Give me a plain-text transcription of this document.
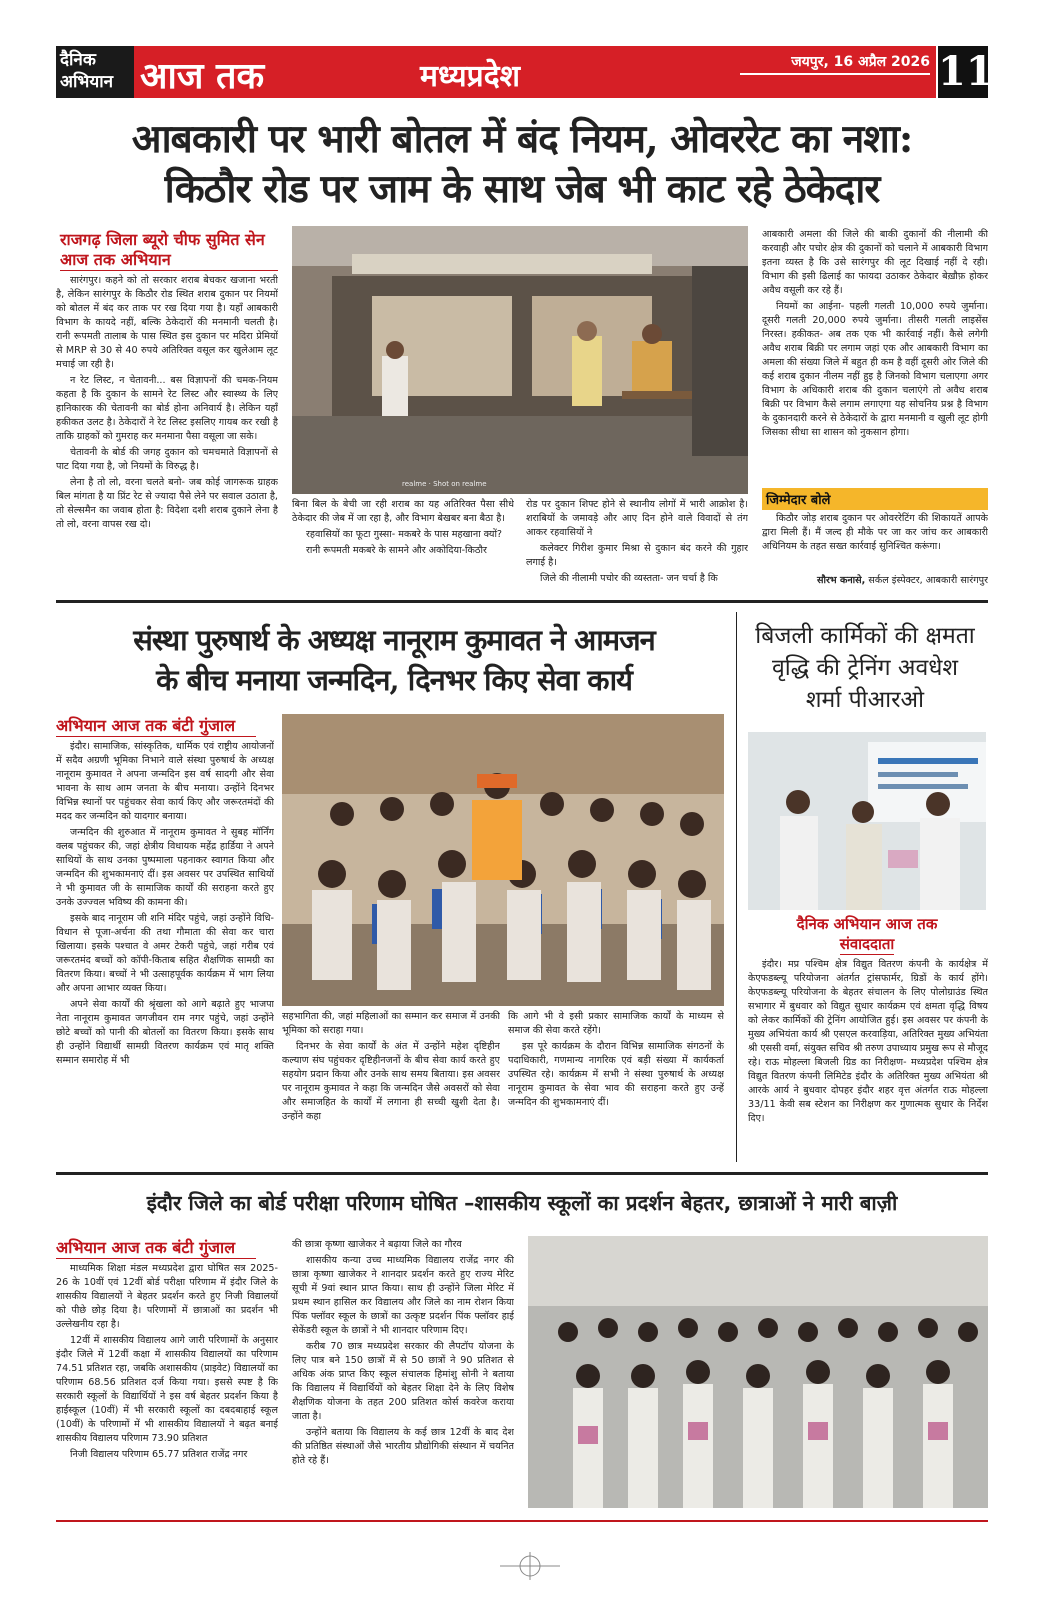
दैनिक
अभियान आज तक	मध्यप्रदेश	जयपुर, 16 अप्रैल 2026 11
आबकारी पर भारी बोतल में बंद नियम, ओवररेट का नशा:
किठौर रोड पर जाम के साथ जेब भी काट रहे ठेकेदार
राजगढ़ जिला ब्यूरो चीफ सुमित सेन आज तक अभियान

सारंगपुर। कहने को तो सरकार शराब बेचकर खजाना भरती है, लेकिन सारंगपुर के किठौर रोड स्थित शराब दुकान पर नियमों को बोतल में बंद कर ताक पर रख दिया गया है। यहाँ आबकारी विभाग के कायदे नहीं, बल्कि ठेकेदारों की मनमानी चलती है। रानी रूपमती तालाब के पास स्थित इस दुकान पर मदिरा प्रेमियों से MRP से 30 से 40 रुपये अतिरिक्त वसूल कर खुलेआम लूट मचाई जा रही है।

न रेट लिस्ट, न चेतावनी... बस विज्ञापनों की चमक-नियम कहता है कि दुकान के सामने रेट लिस्ट और स्वास्थ्य के लिए हानिकारक की चेतावनी का बोर्ड होना अनिवार्य है। लेकिन यहाँ हकीकत उलट है। ठेकेदारों ने रेट लिस्ट इसलिए गायब कर रखी है ताकि ग्राहकों को गुमराह कर मनमाना पैसा वसूला जा सके।

चेतावनी के बोर्ड की जगह दुकान को चमचमाते विज्ञापनों से पाट दिया गया है, जो नियमों के विरुद्ध है।

लेना है तो लो, वरना चलते बनो- जब कोई जागरूक ग्राहक बिल मांगता है या प्रिंट रेट से ज्यादा पैसे लेने पर सवाल उठाता है, तो सेल्समैन का जवाब होता है: विदेशा दशी शराब दुकाने लेना है तो लो, वरना वापस रख दो।

realme · Shot on realme

बिना बिल के बेची जा रही शराब का यह अतिरिक्त पैसा सीधे ठेकेदार की जेब में जा रहा है, और विभाग बेखबर बना बैठा है।

रहवासियों का फूटा गुस्सा- मकबरे के पास महखाना क्यों?

रानी रूपमती मकबरे के सामने और अकोदिया-किठौर

रोड पर दुकान शिफ्ट होने से स्थानीय लोगों में भारी आक्रोश है। शराबियों के जमावड़े और आए दिन होने वाले विवादों से तंग आकर रहवासियों ने

कलेक्टर गिरीश कुमार मिश्रा से दुकान बंद करने की गुहार लगाई है।

जिले की नीलामी पचोर की व्यस्तता- जन चर्चा है कि

आबकारी अमला की जिले की बाकी दुकानों की नीलामी की करवाही और पचोर क्षेत्र की दुकानों को चलाने में आबकारी विभाग इतना व्यस्त है कि उसे सारंगपुर की लूट दिखाई नहीं दे रही। विभाग की इसी ढिलाई का फायदा उठाकर ठेकेदार बेख़ौफ़ होकर अवैध वसूली कर रहे हैं।

नियमों का आईना- पहली गलती 10,000 रुपये जुर्माना। दूसरी गलती 20,000 रुपये जुर्माना। तीसरी गलती लाइसेंस निरस्त। हकीकत- अब तक एक भी कार्रवाई नहीं। कैसे लगेगी अवैध शराब बिक्री पर लगाम जहां एक और आबकारी विभाग का अमला की संख्या जिले में बहुत ही कम है वहीं दूसरी ओर जिले की कई शराब दुकान नीलम नहीं हुइ है जिनको विभाग चलाएगा अगर विभाग के अधिकारी शराब की दुकान चलाएंगे तो अवैध शराब बिक्री पर विभाग कैसे लगाम लगाएगा यह सोचनिय प्रश्न है विभाग के दुकानदारी करने से ठेकेदारों के द्वारा मनमानी व खुली लूट होगी जिसका सीधा सा शासन को नुकसान होगा।

जिम्मेदार बोले

किठौर जोड़ शराब दुकान पर ओवररेटिंग की शिकायतें आपके द्वारा मिली हैं। मैं जल्द ही मौके पर जा कर जांच कर आबकारी अधिनियम के तहत सख्त कार्रवाई सुनिश्चित करूंगा।

सौरभ कनासे, सर्कल इंस्पेक्टर, आबकारी सारंगपुर
संस्था पुरुषार्थ के अध्यक्ष नानूराम कुमावत ने आमजन
के बीच मनाया जन्मदिन, दिनभर किए सेवा कार्य
अभियान आज तक बंटी गुंजाल

इंदौर। सामाजिक, सांस्कृतिक, धार्मिक एवं राष्ट्रीय आयोजनों में सदैव अग्रणी भूमिका निभाने वाले संस्था पुरुषार्थ के अध्यक्ष नानूराम कुमावत ने अपना जन्मदिन इस वर्ष सादगी और सेवा भावना के साथ आम जनता के बीच मनाया। उन्होंने दिनभर विभिन्न स्थानों पर पहुंचकर सेवा कार्य किए और जरूरतमंदों की मदद कर जन्मदिन को यादगार बनाया।

जन्मदिन की शुरुआत में नानूराम कुमावत ने सुबह मॉर्निंग क्लब पहुंचकर की, जहां क्षेत्रीय विधायक महेंद्र हार्डिया ने अपने साथियों के साथ उनका पुष्पमाला पहनाकर स्वागत किया और जन्मदिन की शुभकामनाएं दीं। इस अवसर पर उपस्थित साथियों ने भी कुमावत जी के सामाजिक कार्यों की सराहना करते हुए उनके उज्ज्वल भविष्य की कामना की।

इसके बाद नानूराम जी शनि मंदिर पहुंचे, जहां उन्होंने विधि-विधान से पूजा-अर्चना की तथा गौमाता की सेवा कर चारा खिलाया। इसके पश्चात वे अमर टेकरी पहुंचे, जहां गरीब एवं जरूरतमंद बच्चों को कॉपी-किताब सहित शैक्षणिक सामग्री का वितरण किया। बच्चों ने भी उत्साहपूर्वक कार्यक्रम में भाग लिया और अपना आभार व्यक्त किया।

अपने सेवा कार्यों की श्रृंखला को आगे बढ़ाते हुए भाजपा नेता नानूराम कुमावत जगजीवन राम नगर पहुंचे, जहां उन्होंने छोटे बच्चों को पानी की बोतलों का वितरण किया। इसके साथ ही उन्होंने विद्यार्थी सामग्री वितरण कार्यक्रम एवं मातृ शक्ति सम्मान समारोह में भी

सहभागिता की, जहां महिलाओं का सम्मान कर समाज में उनकी भूमिका को सराहा गया।

दिनभर के सेवा कार्यों के अंत में उन्होंने महेश दृष्टिहीन कल्याण संघ पहुंचकर दृष्टिहीनजनों के बीच सेवा कार्य करते हुए सहयोग प्रदान किया और उनके साथ समय बिताया। इस अवसर पर नानूराम कुमावत ने कहा कि जन्मदिन जैसे अवसरों को सेवा और समाजहित के कार्यों में लगाना ही सच्ची खुशी देता है। उन्होंने कहा

कि आगे भी वे इसी प्रकार सामाजिक कार्यों के माध्यम से समाज की सेवा करते रहेंगे।

इस पूरे कार्यक्रम के दौरान विभिन्न सामाजिक संगठनों के पदाधिकारी, गणमान्य नागरिक एवं बड़ी संख्या में कार्यकर्ता उपस्थित रहे। कार्यक्रम में सभी ने संस्था पुरुषार्थ के अध्यक्ष नानूराम कुमावत के सेवा भाव की सराहना करते हुए उन्हें जन्मदिन की शुभकामनाएं दीं।

बिजली कार्मिकों की क्षमता
वृद्धि की ट्रेनिंग अवधेश
शर्मा पीआरओ
दैनिक अभियान आज तक
संवाददाता

इंदौर। मप्र पश्चिम क्षेत्र विद्युत वितरण कंपनी के कार्यक्षेत्र में केएफडब्ल्यू परियोजना अंतर्गत ट्रांसफार्मर, ग्रिडों के कार्य होंगे। केएफडब्ल्यू परियोजना के बेहतर संचालन के लिए पोलोग्राउंड स्थित सभागार में बुधवार को विद्युत सुधार कार्यक्रम एवं क्षमता वृद्धि विषय को लेकर कार्मिकों की ट्रेनिंग आयोजित हुई। इस अवसर पर कंपनी के मुख्य अभियंता कार्य श्री एसएल करवाड़िया, अतिरिक्त मुख्य अभियंता श्री एससी वर्मा, संयुक्त सचिव श्री तरुण उपाध्याय प्रमुख रूप से मौजूद रहे। राऊ मोहल्ला बिजली ग्रिड का निरीक्षण- मध्यप्रदेश पश्चिम क्षेत्र विद्युत वितरण कंपनी लिमिटेड इंदौर के अतिरिक्त मुख्य अभियंता श्री आरके आर्य ने बुधवार दोपहर इंदौर शहर वृत्त अंतर्गत राऊ मोहल्ला 33/11 केवी सब स्टेशन का निरीक्षण कर गुणात्मक सुधार के निर्देश दिए।

इंदौर जिले का बोर्ड परीक्षा परिणाम घोषित –शासकीय स्कूलों का प्रदर्शन बेहतर, छात्राओं ने मारी बाज़ी
अभियान आज तक बंटी गुंजाल

माध्यमिक शिक्षा मंडल मध्यप्रदेश द्वारा घोषित सत्र 2025-26 के 10वीं एवं 12वीं बोर्ड परीक्षा परिणाम में इंदौर जिले के शासकीय विद्यालयों ने बेहतर प्रदर्शन करते हुए निजी विद्यालयों को पीछे छोड़ दिया है। परिणामों में छात्राओं का प्रदर्शन भी उल्लेखनीय रहा है।

12वीं में शासकीय विद्यालय आगे जारी परिणामों के अनुसार इंदौर जिले में 12वीं कक्षा में शासकीय विद्यालयों का परिणाम 74.51 प्रतिशत रहा, जबकि अशासकीय (प्राइवेट) विद्यालयों का परिणाम 68.56 प्रतिशत दर्ज किया गया। इससे स्पष्ट है कि सरकारी स्कूलों के विद्यार्थियों ने इस वर्ष बेहतर प्रदर्शन किया है हाईस्कूल (10वीं) में भी सरकारी स्कूलों का दबदबाहाई स्कूल (10वीं) के परिणामों में भी शासकीय विद्यालयों ने बढ़त बनाई शासकीय विद्यालय परिणाम 73.90 प्रतिशत

निजी विद्यालय परिणाम 65.77 प्रतिशत राजेंद्र नगर

की छात्रा कृष्णा खाजेकर ने बढ़ाया जिले का गौरव

शासकीय कन्या उच्च माध्यमिक विद्यालय राजेंद्र नगर की छात्रा कृष्णा खाजेकर ने शानदार प्रदर्शन करते हुए राज्य मेरिट सूची में 9वां स्थान प्राप्त किया। साथ ही उन्होंने जिला मेरिट में प्रथम स्थान हासिल कर विद्यालय और जिले का नाम रोशन किया पिंक फ्लॉवर स्कूल के छात्रों का उत्कृष्ट प्रदर्शन पिंक फ्लॉवर हाई सेकेंडरी स्कूल के छात्रों ने भी शानदार परिणाम दिए।

करीब 70 छात्र मध्यप्रदेश सरकार की लैपटॉप योजना के लिए पात्र बने 150 छात्रों में से 50 छात्रों ने 90 प्रतिशत से अधिक अंक प्राप्त किए स्कूल संचालक हिमांशु सोनी ने बताया कि विद्यालय में विद्यार्थियों को बेहतर शिक्षा देने के लिए विशेष शैक्षणिक योजना के तहत 200 प्रतिशत कोर्स कवरेज कराया जाता है।

उन्होंने बताया कि विद्यालय के कई छात्र 12वीं के बाद देश की प्रतिष्ठित संस्थाओं जैसे भारतीय प्रौद्योगिकी संस्थान में चयनित होते रहे हैं।
